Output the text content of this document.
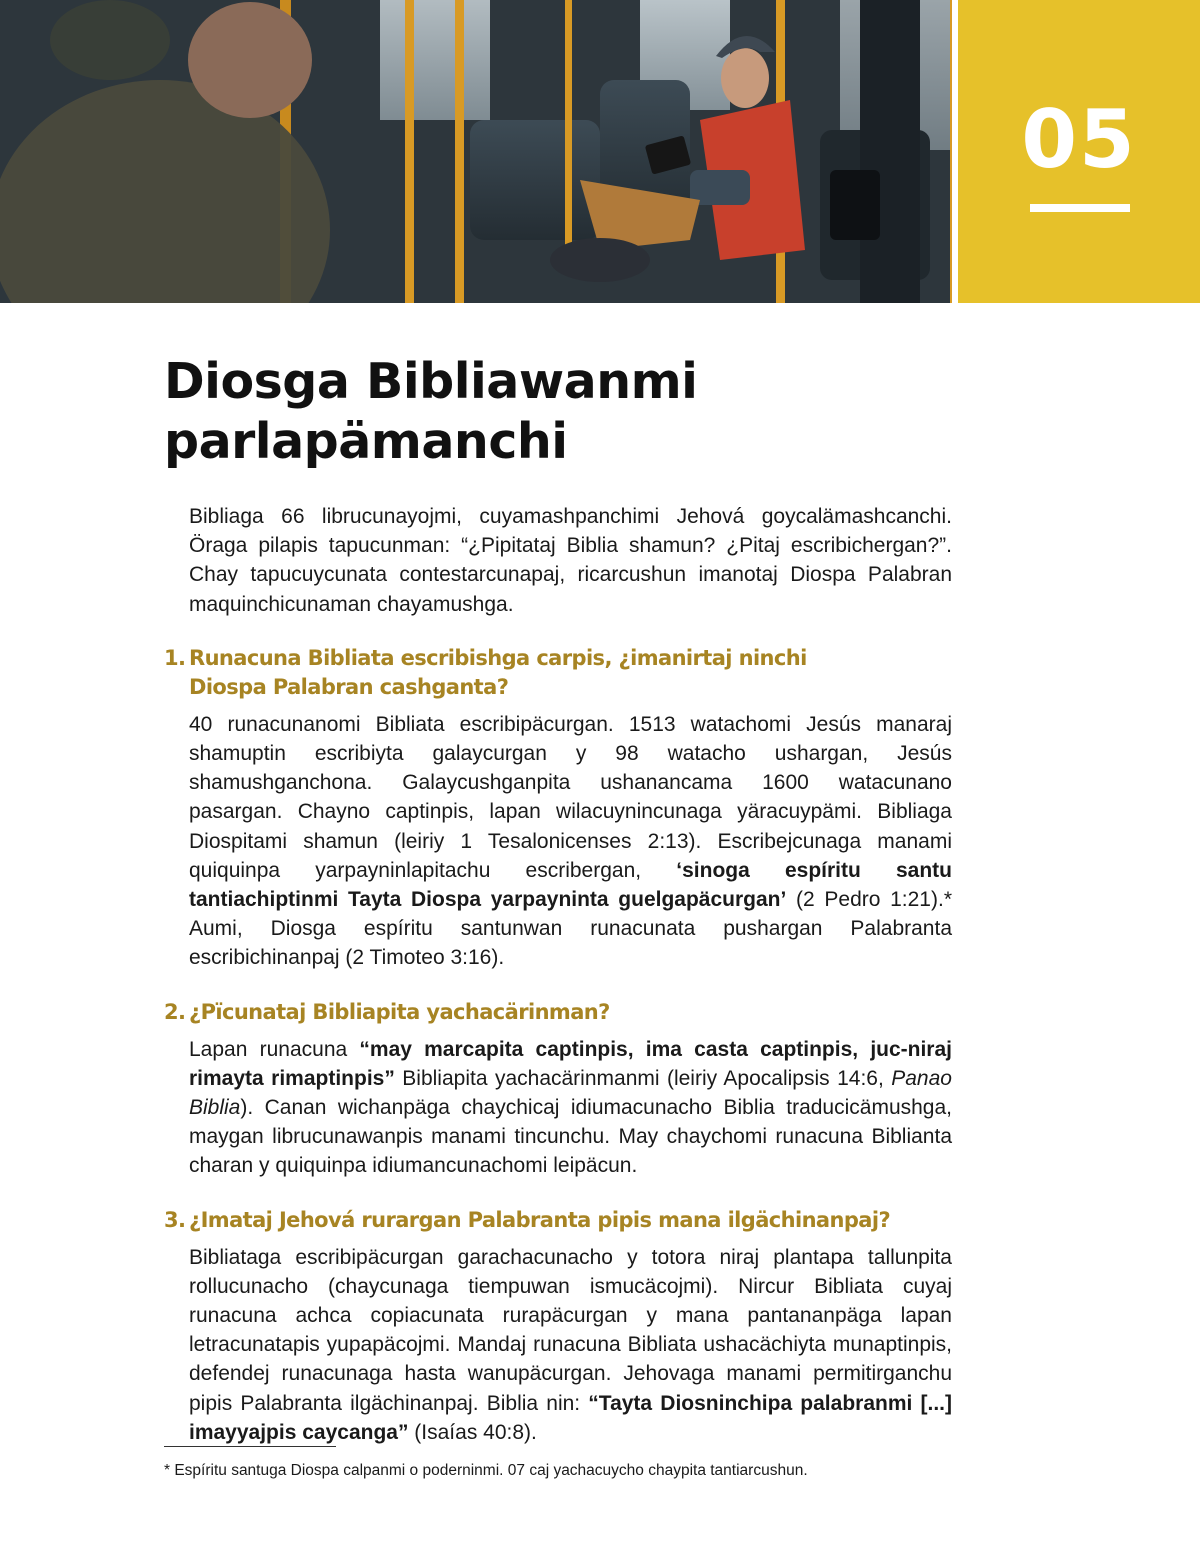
05
Diosga Bibliawanmi
parlapämanchi

Bibliaga 66 librucunayojmi, cuyamashpanchimi Jehová goycalämashcanchi. Öraga pilapis tapucunman: “¿Pipitataj Biblia shamun? ¿Pitaj escribichergan?”. Chay tapucuycunata contestarcunapaj, ricarcushun imanotaj Diospa Palabran maquinchicunaman chayamushga.

1. Runacuna Bibliata escribishga carpis, ¿imanirtaj ninchi
Diospa Palabran cashganta?

40 runacunanomi Bibliata escribipäcurgan. 1513 watachomi Jesús manaraj shamuptin escribiyta galaycurgan y 98 watacho ushargan, Jesús shamushganchona. Galaycushganpita ushanancama 1600 watacunano pasargan. Chayno captinpis, lapan wilacuynincunaga yäracuypämi. Bibliaga Diospitami shamun (leiriy 1 Tesalonicenses 2:13). Escribejcunaga manami quiquinpa yarpayninlapitachu escribergan, ‘sinoga espíritu santu tantiachiptinmi Tayta Diospa yarpayninta guelgapäcurgan’ (2 Pedro 1:21).* Aumi, Diosga espíritu santunwan runacunata pushargan Palabranta escribichinanpaj (2 Timoteo 3:16).

2. ¿Pïcunataj Bibliapita yachacärinman?

Lapan runacuna “may marcapita captinpis, ima casta captinpis, juc-niraj rimayta rimaptinpis” Bibliapita yachacärinmanmi (leiriy Apocalipsis 14:6, Panao Biblia). Canan wichanpäga chaychicaj idiumacunacho Biblia traducicämushga, maygan librucunawanpis manami tincunchu. May chaychomi runacuna Biblianta charan y quiquinpa idiumancunachomi leipäcun.

3. ¿Imataj Jehová rurargan Palabranta pipis mana ilgächinanpaj?

Bibliataga escribipäcurgan garachacunacho y totora niraj plantapa tallunpita rollucunacho (chaycunaga tiempuwan ismucäcojmi). Nircur Bibliata cuyaj runacuna achca copiacunata rurapäcurgan y mana pantananpäga lapan letracunatapis yupapäcojmi. Mandaj runacuna Bibliata ushacächiyta munaptinpis, defendej runacunaga hasta wanupäcurgan. Jehovaga manami permitirganchu pipis Palabranta ilgächinanpaj. Biblia nin: “Tayta Diosninchipa palabranmi [...] imayyajpis caycanga” (Isaías 40:8).

* Espíritu santuga Diospa calpanmi o poderninmi. 07 caj yachacuycho chaypita tantiarcushun.
